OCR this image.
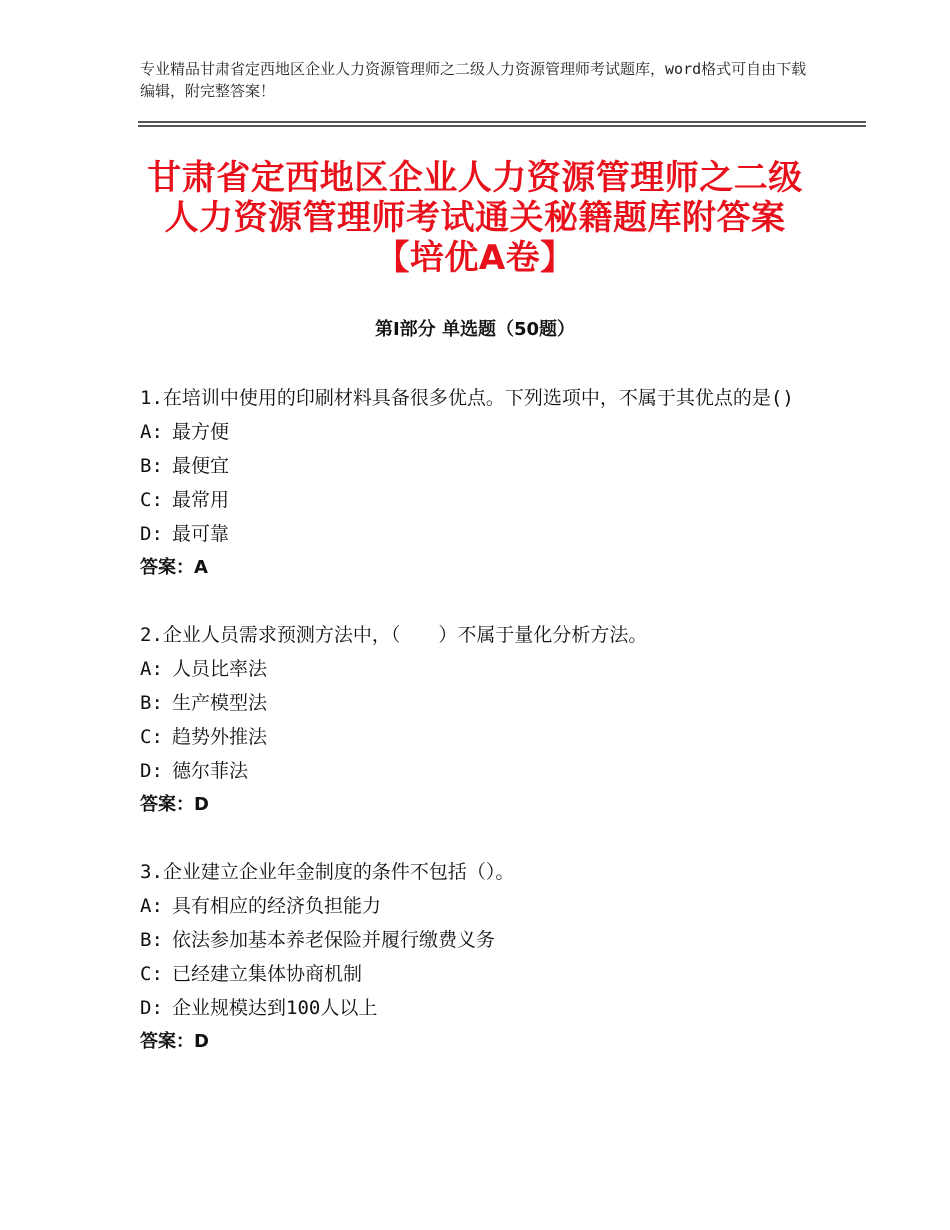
专业精品甘肃省定西地区企业人力资源管理师之二级人力资源管理师考试题库，word格式可自由下载编辑，附完整答案！
甘肃省定西地区企业人力资源管理师之二级
人力资源管理师考试通关秘籍题库附答案
【培优A卷】
第Ⅰ部分 单选题（50题）
1.在培训中使用的印刷材料具备很多优点。下列选项中，不属于其优点的是()
A: 最方便
B: 最便宜
C: 最常用
D: 最可靠
答案：A
2.企业人员需求预测方法中，（　　）不属于量化分析方法。
A: 人员比率法
B: 生产模型法
C: 趋势外推法
D: 德尔菲法
答案：D
3.企业建立企业年金制度的条件不包括（）。
A: 具有相应的经济负担能力
B: 依法参加基本养老保险并履行缴费义务
C: 已经建立集体协商机制
D: 企业规模达到100人以上
答案：D
